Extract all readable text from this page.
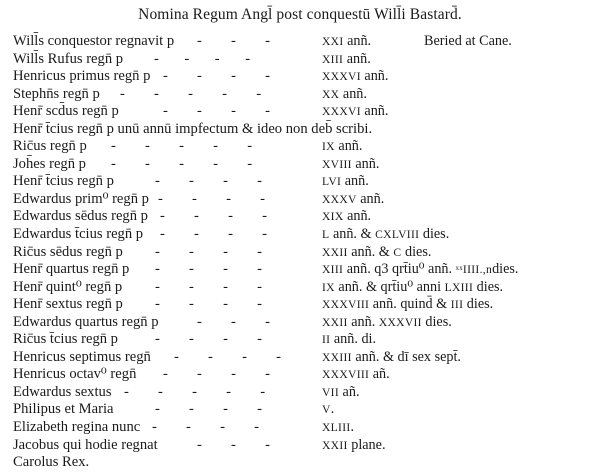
Nomina Regum Angl̄ post conquestū Will̄i Bastard̄.
Will̄s conquestor regnavit p -        -        -	XXI anñ.	Beried at Cane.
Will̄s Rufus regn̄ p -       -       -       -	XIII anñ.
Henricus primus regn̄ p -        -        -        -	XXXVI anñ.
Stephn̄s regn̄ p -        -        -        -        -	XX anñ.
Henr̄ scd̄us regn̄ p	-        -        -        -	XXXVI anñ.
Henr̄ t̄cius regn̄ p unū annū impfectum & ideo non deb̄ scribi.
Ric̄us regn̄ p -        -        -        -        -	IX anñ.
Joh̄es regn̄ p -        -        -        -        -	XVIII anñ.
Henr̄ t̄cius regn̄ p	-        -        -        -	LVI anñ.
Edwardus prim⁰ regn̄ p -        -        -        -	XXXV anñ.
Edwardus sēdus regn̄ p -        -        -        -	XIX anñ.
Edwardus t̄cius regn̄ p -        -        -        -	L anñ. & CXLVIII dies.
Ric̄us sēdus regn̄ p -        -        -        -	XXII anñ. & C dies.
Henr̄ quartus regn̄ p -        -        -        -	XIII anñ. q3 qrt̄iu⁰ anñ. ˣˣIIII.,ndies.
Henr̄ quint⁰ regn̄ p -        -        -        -	IX anñ. & qrt̄iu⁰ anni LXIII dies.
Henr̄ sextus regn̄ p -        -        -        -	XXXVIII anñ. quind̄ & III dies.
Edwardus quartus regn̄ p	-        -        -	XXII anñ. XXXVII dies.
Ric̄us t̄cius regn̄ p	-        -        -        -	II anñ. di.
Henricus septimus regn̄ -        -        -        -	XXIII anñ. & dī sex sept̄.
Henricus octav⁰ regn̄ -        -        -        -	XXXVIII añ.
Edwardus sextus -        -        -        -        -	VII añ.
Philipus et Maria	-        -        -        -	V.
Elizabeth regina nunc -        -        -        -	XLIII.
Jacobus qui hodie regnat	-        -        -	XXII plane.
Carolus Rex.
